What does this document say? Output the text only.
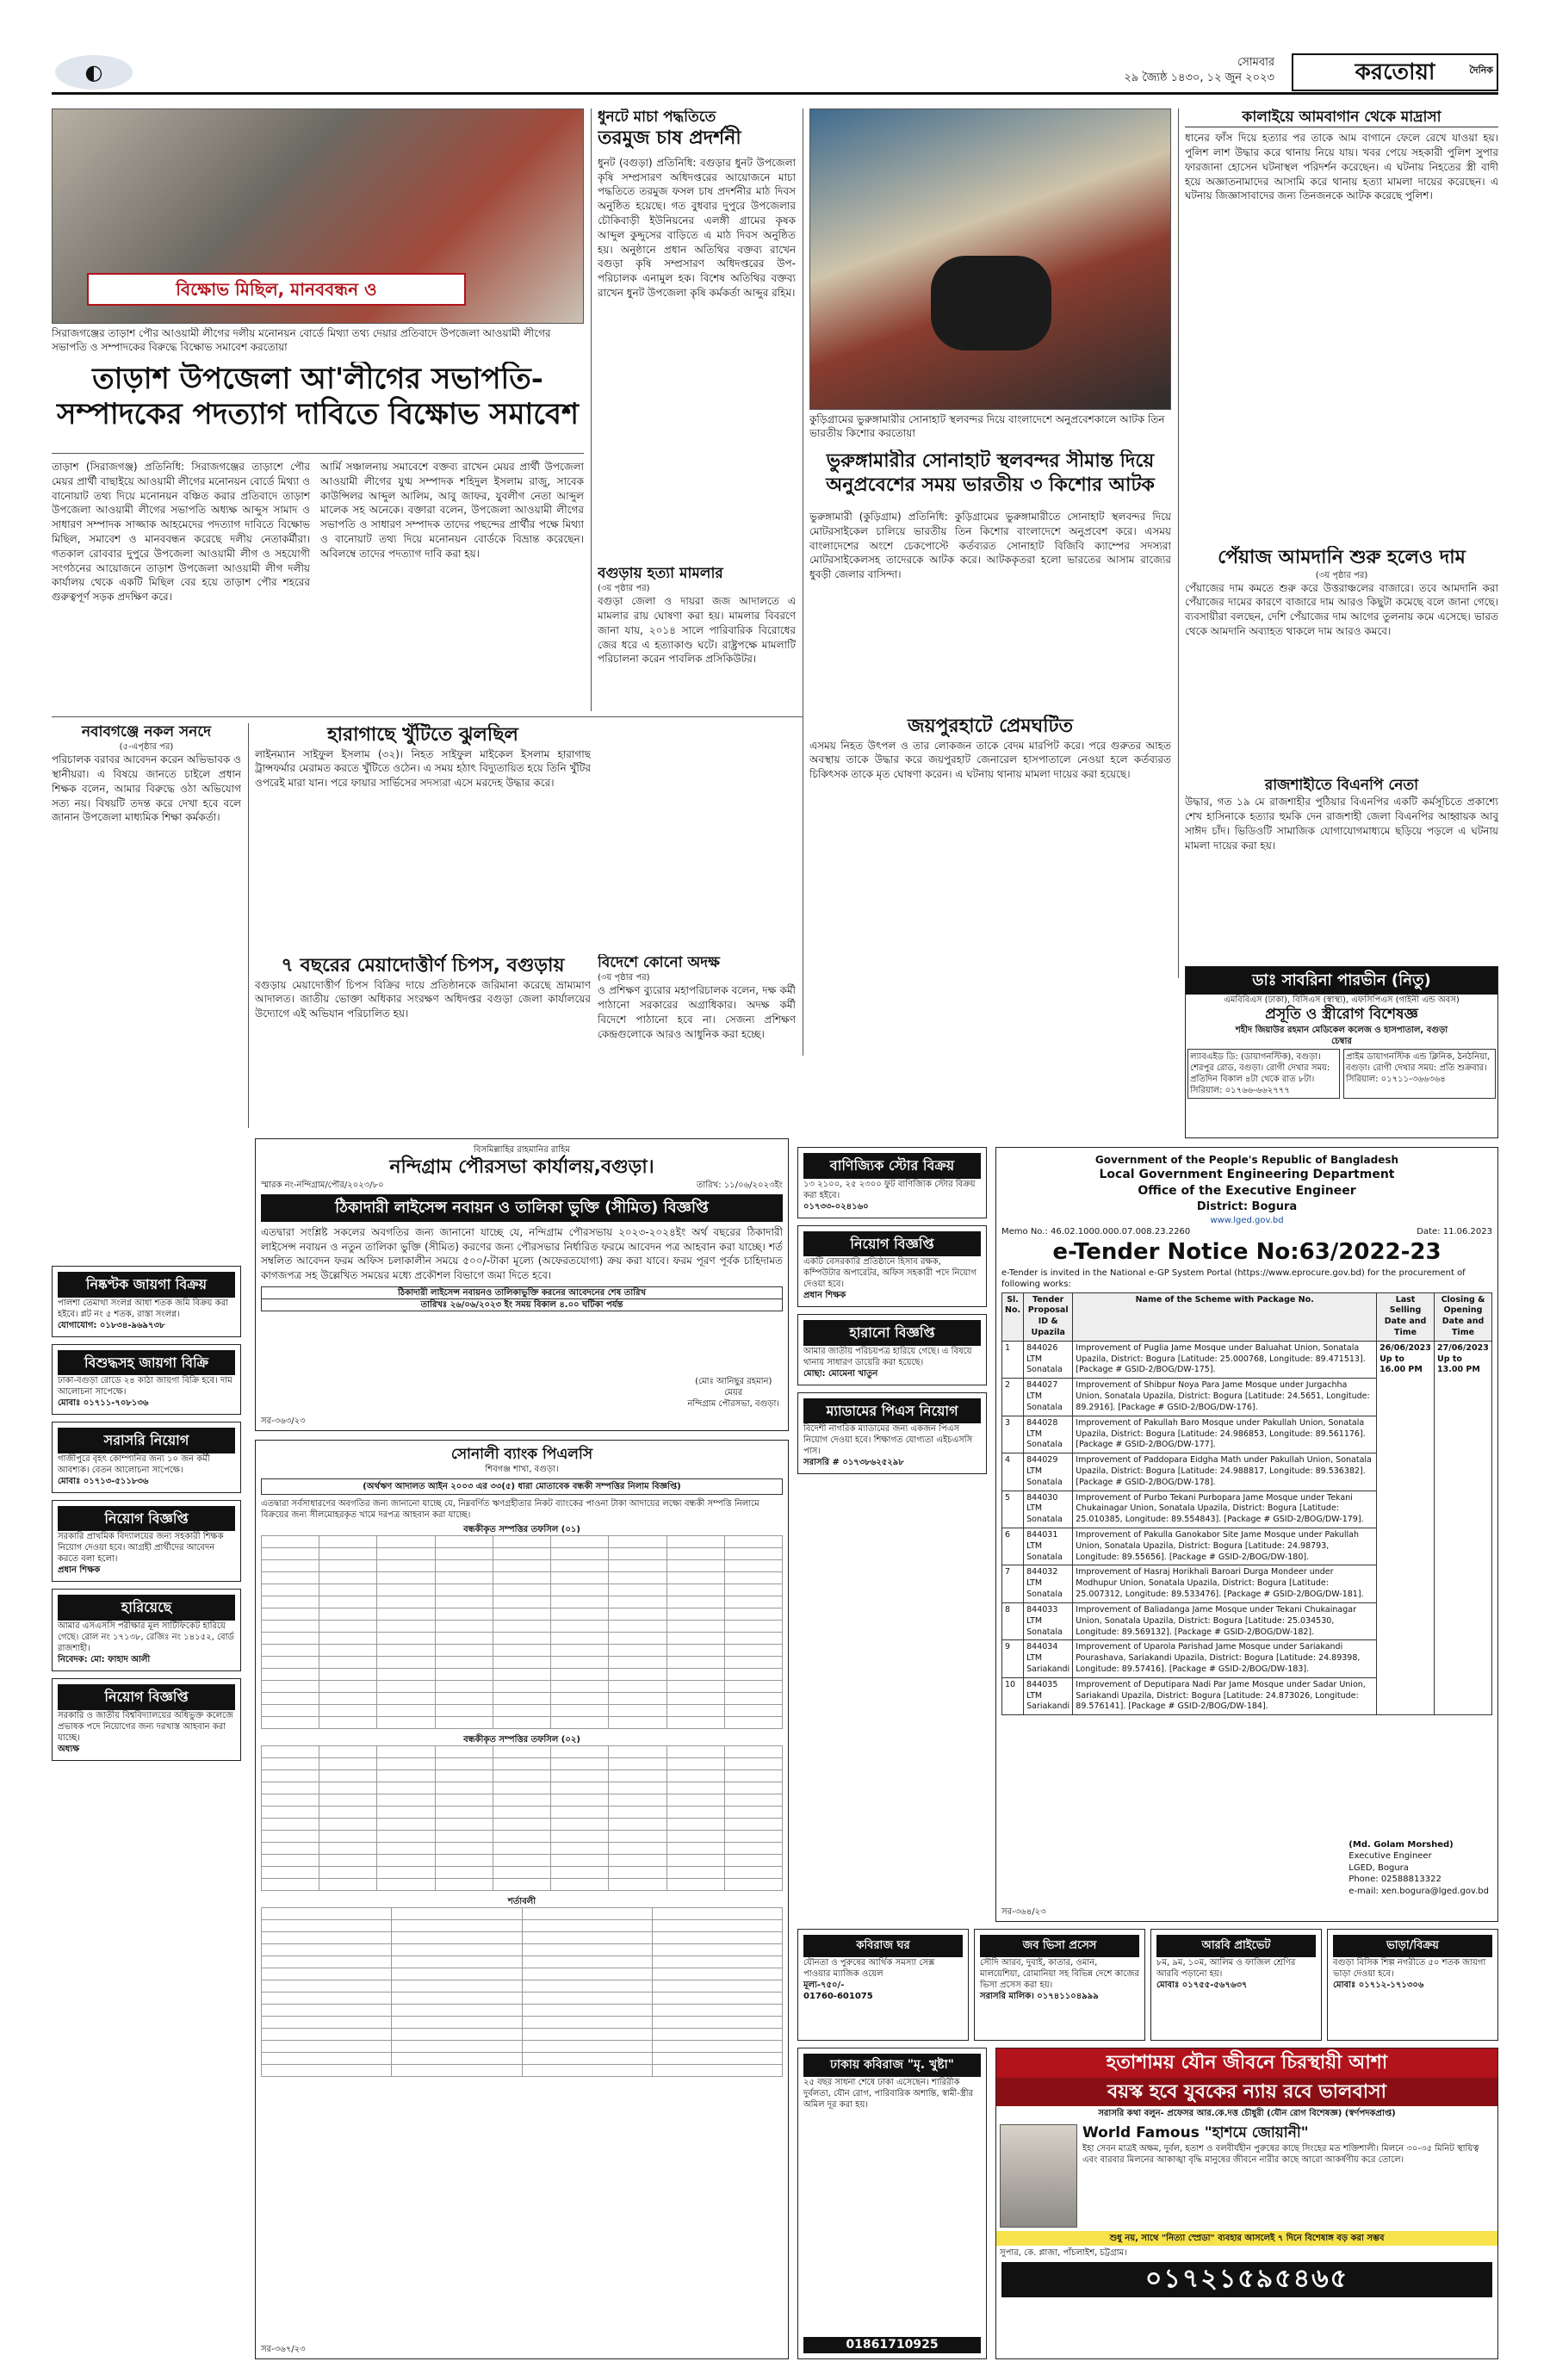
◐	সোমবার
২৯ জ্যৈষ্ঠ ১৪৩০, ১২ জুন ২০২৩
দৈনিক
করতোয়া
বিক্ষোভ মিছিল, মানববন্ধন ও
সিরাজগঞ্জের তাড়াশ পৌর আওয়ামী লীগের দলীয় মনোনয়ন বোর্ডে মিথ্যা তথ্য দেয়ার প্রতিবাদে উপজেলা আওয়ামী লীগের সভাপতি ও সম্পাদকের বিরুদ্ধে বিক্ষোভ সমাবেশ করতোয়া
তাড়াশ উপজেলা আ'লীগের সভাপতি-সম্পাদকের পদত্যাগ দাবিতে বিক্ষোভ সমাবেশ
তাড়াশ (সিরাজগঞ্জ) প্রতিনিধি: সিরাজগঞ্জের তাড়াশে পৌর মেয়র প্রার্থী বাছাইয়ে আওয়ামী লীগের মনোনয়ন বোর্ডে মিথ্যা ও বানোয়াট তথ্য দিয়ে মনোনয়ন বঞ্চিত করার প্রতিবাদে তাড়াশ উপজেলা আওয়ামী লীগের সভাপতি অধ্যক্ষ আব্দুস সামাদ ও সাধারণ সম্পাদক সাজ্জাক আহমেদের পদত্যাগ দাবিতে বিক্ষোভ মিছিল, সমাবেশ ও মানববন্ধন করেছে দলীয় নেতাকর্মীরা। গতকাল রোববার দুপুরে উপজেলা আওয়ামী লীগ ও সহযোগী সংগঠনের আয়োজনে তাড়াশ উপজেলা আওয়ামী লীগ দলীয় কার্যালয় থেকে একটি মিছিল বের হয়ে তাড়াশ পৌর শহরের গুরুত্বপূর্ণ সড়ক প্রদক্ষিণ করে।
আর্মি সঞ্চালনায় সমাবেশে বক্তব্য রাখেন মেয়র প্রার্থী উপজেলা আওয়ামী লীগের যুগ্ম সম্পাদক শহিদুল ইসলাম রাজু, সাবেক কাউন্সিলর আব্দুল আলিম, আবু জাফর, যুবলীগ নেতা আব্দুল মালেক সহ অনেকে। বক্তারা বলেন, উপজেলা আওয়ামী লীগের সভাপতি ও সাধারণ সম্পাদক তাদের পছন্দের প্রার্থীর পক্ষে মিথ্যা ও বানোয়াট তথ্য দিয়ে মনোনয়ন বোর্ডকে বিভ্রান্ত করেছেন। অবিলম্বে তাদের পদত্যাগ দাবি করা হয়।
ধুনটে মাচা পদ্ধতিতে
তরমুজ চাষ প্রদর্শনী
ধুনট (বগুড়া) প্রতিনিধি: বগুড়ার ধুনট উপজেলা কৃষি সম্প্রসারণ অধিদপ্তরের আয়োজনে মাচা পদ্ধতিতে তরমুজ ফসল চাষ প্রদর্শনীর মাঠ দিবস অনুষ্ঠিত হয়েছে। গত বুধবার দুপুরে উপজেলার চৌকিবাড়ী ইউনিয়নের এলঙ্গী গ্রামের কৃষক আব্দুল কুদ্দুসের বাড়িতে এ মাঠ দিবস অনুষ্ঠিত হয়। অনুষ্ঠানে প্রধান অতিথির বক্তব্য রাখেন বগুড়া কৃষি সম্প্রসারণ অধিদপ্তরের উপ-পরিচালক এনামুল হক। বিশেষ অতিথির বক্তব্য রাখেন ধুনট উপজেলা কৃষি কর্মকর্তা আব্দুর রহিম।
বগুড়ায় হত্যা মামলার
(৩য় পৃষ্ঠার পর)
বগুড়া জেলা ও দায়রা জজ আদালতে এ মামলার রায় ঘোষণা করা হয়। মামলার বিবরণে জানা যায়, ২০১৪ সালে পারিবারিক বিরোধের জের ধরে এ হত্যাকাণ্ড ঘটে। রাষ্ট্রপক্ষে মামলাটি পরিচালনা করেন পাবলিক প্রসিকিউটর।
কুড়িগ্রামের ভুরুঙ্গামারীর সোনাহাট স্থলবন্দর দিয়ে বাংলাদেশে অনুপ্রবেশকালে আটক তিন ভারতীয় কিশোর করতোয়া
ভুরুঙ্গামারীর সোনাহাট স্থলবন্দর সীমান্ত দিয়ে অনুপ্রবেশের সময় ভারতীয় ৩ কিশোর আটক
ভুরুঙ্গামারী (কুড়িগ্রাম) প্রতিনিধি: কুড়িগ্রামের ভুরুঙ্গামারীতে সোনাহাট স্থলবন্দর দিয়ে মোটরসাইকেল চালিয়ে ভারতীয় তিন কিশোর বাংলাদেশে অনুপ্রবেশ করে। এসময় বাংলাদেশের অংশে চেকপোস্টে কর্তব্যরত সোনাহাট বিজিবি ক্যাম্পের সদস্যরা মোটরসাইকেলসহ তাদেরকে আটক করে। আটককৃতরা হলো ভারতের আসাম রাজ্যের ধুবড়ী জেলার বাসিন্দা।
কালাইয়ে আমবাগান থেকে মাদ্রাসা
ধানের ফাঁস দিয়ে হত্যার পর তাকে আম বাগানে ফেলে রেখে যাওয়া হয়। পুলিশ লাশ উদ্ধার করে থানায় নিয়ে যায়। খবর পেয়ে সহকারী পুলিশ সুপার ফারজানা হোসেন ঘটনাস্থল পরিদর্শন করেছেন। এ ঘটনায় নিহতের স্ত্রী বাদী হয়ে অজ্ঞাতনামাদের আসামি করে থানায় হত্যা মামলা দায়ের করেছেন। এ ঘটনায় জিজ্ঞাসাবাদের জন্য তিনজনকে আটক করেছে পুলিশ।
পেঁয়াজ আমদানি শুরু হলেও দাম
(৩য় পৃষ্ঠার পর)
পেঁয়াজের দাম কমতে শুরু করে উত্তরাঞ্চলের বাজারে। তবে আমদানি করা পেঁয়াজের দামের কারণে বাজারে দাম আরও কিছুটা কমেছে বলে জানা গেছে। ব্যবসায়ীরা বলছেন, দেশি পেঁয়াজের দাম আগের তুলনায় কমে এসেছে। ভারত থেকে আমদানি অব্যাহত থাকলে দাম আরও কমবে।
রাজশাহীতে বিএনপি নেতা
উদ্ধার, গত ১৯ মে রাজশাহীর পুঠিয়ার বিএনপির একটি কর্মসূচিতে প্রকাশ্যে শেখ হাসিনাকে হত্যার হুমকি দেন রাজশাহী জেলা বিএনপির আহ্বায়ক আবু সাঈদ চাঁদ। ভিডিওটি সামাজিক যোগাযোগমাধ্যমে ছড়িয়ে পড়লে এ ঘটনায় মামলা দায়ের করা হয়।
নবাবগঞ্জে নকল সনদে
(৫-এপৃষ্ঠার পর)
পরিচালক বরাবর আবেদন করেন অভিভাবক ও স্থানীয়রা। এ বিষয়ে জানতে চাইলে প্রধান শিক্ষক বলেন, আমার বিরুদ্ধে ওঠা অভিযোগ সত্য নয়। বিষয়টি তদন্ত করে দেখা হবে বলে জানান উপজেলা মাধ্যমিক শিক্ষা কর্মকর্তা।
হারাগাছে খুঁটিতে ঝুলছিল
লাইনম্যান সাইফুল ইসলাম (৩২)। নিহত সাইফুল মাইকেল ইসলাম হারাগাছ ট্রান্সফর্মার মেরামত করতে খুঁটিতে ওঠেন। এ সময় হঠাৎ বিদ্যুতায়িত হয়ে তিনি খুঁটির ওপরেই মারা যান। পরে ফায়ার সার্ভিসের সদস্যরা এসে মরদেহ উদ্ধার করে।
৭ বছরের মেয়াদোত্তীর্ণ চিপস, বগুড়ায়
বগুড়ায় মেয়াদোত্তীর্ণ চিপস বিক্রির দায়ে প্রতিষ্ঠানকে জরিমানা করেছে ভ্রাম্যমাণ আদালত। জাতীয় ভোক্তা অধিকার সংরক্ষণ অধিদপ্তর বগুড়া জেলা কার্যালয়ের উদ্যোগে এই অভিযান পরিচালিত হয়।
বিদেশে কোনো অদক্ষ
(৩য় পৃষ্ঠার পর)
ও প্রশিক্ষণ ব্যুরোর মহাপরিচালক বলেন, দক্ষ কর্মী পাঠানো সরকারের অগ্রাধিকার। অদক্ষ কর্মী বিদেশে পাঠানো হবে না। সেজন্য প্রশিক্ষণ কেন্দ্রগুলোকে আরও আধুনিক করা হচ্ছে।
জয়পুরহাটে প্রেমঘটিত
এসময় নিহত উৎপল ও তার লোকজন তাকে বেদম মারপিট করে। পরে গুরুতর আহত অবস্থায় তাকে উদ্ধার করে জয়পুরহাট জেনারেল হাসপাতালে নেওয়া হলে কর্তব্যরত চিকিৎসক তাকে মৃত ঘোষণা করেন। এ ঘটনায় থানায় মামলা দায়ের করা হয়েছে।
ডাঃ সাবরিনা পারভীন (নিতু)
এমবিবিএস (ঢাকা), বিসিএস (স্বাস্থ্য), এফসিপিএস (গাইনী এন্ড অবস)
প্রসূতি ও স্ত্রীরোগ বিশেষজ্ঞ
শহীদ জিয়াউর রহমান মেডিকেল কলেজ ও হাসপাতাল, বগুড়া
চেম্বার
ল্যাবএইড ডি: (ডায়াগনস্টিক), বগুড়া। শেরপুর রোড, বগুড়া। রোগী দেখার সময়: প্রতিদিন বিকাল ৪টা থেকে রাত ৮টা। সিরিয়াল: ০১৭৬৬-৬৬২৭৭৭
প্রাইম ডায়াগনস্টিক এন্ড ক্লিনিক, ঠনঠনিয়া, বগুড়া। রোগী দেখার সময়: প্রতি শুক্রবার। সিরিয়াল: ০১৭১১-৩৬৬৩৬৪
নিষ্কণ্টক জায়গা বিক্রয়
পালশা তেমাথা সংলগ্ন আধা শতক জমি বিক্রয় করা হইবে। প্লট নং ৫ শতক, রাস্তা সংলগ্ন।
যোগাযোগ: ০১৮৩৪-৯৬৯৭৩৮
বিশুদ্ধসহ জায়গা বিক্রি
ঢাকা-বগুড়া রোডে ২৪ কাঠা জায়গা বিক্রি হবে। দাম আলোচনা সাপেক্ষে।
মোবাঃ ০১৭১১-৭০৮১৩৬
সরাসরি নিয়োগ
গাজীপুরে বৃহৎ কোম্পানির জন্য ১০ জন কর্মী আবশ্যক। বেতন আলোচনা সাপেক্ষে।
মোবাঃ ০১৭১৩-৫১১৮৩৬
নিয়োগ বিজ্ঞপ্তি
সরকারি প্রাথমিক বিদ্যালয়ের জন্য সহকারী শিক্ষক নিয়োগ দেওয়া হবে। আগ্রহী প্রার্থীদের আবেদন করতে বলা হলো।
প্রধান শিক্ষক
হারিয়েছে
আমার এসএসসি পরীক্ষার মূল সার্টিফিকেট হারিয়ে গেছে। রোল নং ১৭১৩৮, রেজিঃ নং ১৪১৫২, বোর্ড রাজশাহী।
নিবেদক: মো: ফাহাদ আলী
নিয়োগ বিজ্ঞপ্তি
সরকারি ও জাতীয় বিশ্ববিদ্যালয়ের অধিভুক্ত কলেজে প্রভাষক পদে নিয়োগের জন্য দরখাস্ত আহবান করা যাচ্ছে।
অধ্যক্ষ
বিসমিল্লাহির রাহমানির রাহিম
নন্দিগ্রাম পৌরসভা কার্যালয়,বগুড়া।
স্মারক নং-নন্দিগ্রাম/পৌর/২০২৩/৮০	তারিখ: ১১/০৬/২০২৩ইং
ঠিকাদারী লাইসেন্স নবায়ন ও তালিকা ভুক্তি (সীমিত) বিজ্ঞপ্তি
এতদ্বারা সংশ্লিষ্ট সকলের অবগতির জন্য জানানো যাচ্ছে যে, নন্দিগ্রাম পৌরসভায় ২০২৩-২০২৪ইং অর্থ বছরের ঠিকাদারী লাইসেন্স নবায়ন ও নতুন তালিকা ভুক্তি (সীমিত) করণের জন্য পৌরসভার নির্ধারিত ফরমে আবেদন পত্র আহবান করা যাচ্ছে। শর্ত সম্বলিত আবেদন ফরম অফিস চলাকালীন সময়ে ৫০০/-টাকা মূল্যে (অফেরতযোগ্য) ক্রয় করা যাবে। ফরম পূরণ পূর্বক চাহিদামত কাগজপত্র সহ উল্লেখিত সময়ের মধ্যে প্রকৌশল বিভাগে জমা দিতে হবে।
ঠিকাদারী লাইসেন্স নবায়নও তালিকাভুক্তি করনের আবেদনের শেষ তারিখ
তারিখঃ ২৬/০৬/২০২৩ ইং সময় বিকাল ৪.০০ ঘটিকা পর্যন্ত
(মোঃ আনিছুর রহমান)
মেয়র
নন্দিগ্রাম পৌরসভা, বগুড়া।
সর-৩৬৩/২৩
সোনালী ব্যাংক পিএলসি
শিবগঞ্জ শাখা, বগুড়া।
(অর্থঋণ আদালত আইন ২০০৩ এর ৩৩(৫) ধারা মোতাবেক বন্ধকী সম্পত্তির নিলাম বিজ্ঞপ্তি)
এতদ্বারা সর্বসাধারণের অবগতির জন্য জানানো যাচ্ছে যে, নিম্নবর্ণিত ঋণগ্রহীতার নিকট ব্যাংকের পাওনা টাকা আদায়ের লক্ষ্যে বন্ধকী সম্পত্তি নিলামে বিক্রয়ের জন্য সীলমোহরকৃত খামে দরপত্র আহবান করা যাচ্ছে।
বন্ধকীকৃত সম্পত্তির তফসিল (০১)

বন্ধকীকৃত সম্পত্তির তফসিল (০২)

শর্তাবলী

সর-৩৬৭/২৩
বাণিজ্যিক স্টোর বিক্রয়
১৩ ২১০০, ২৫ ২৩০০ ফুট বাণিজ্যিক স্টোর বিক্রয় করা হইবে।
০১৭৩৩-০২৪১৬০
নিয়োগ বিজ্ঞপ্তি
একটি বেসরকারি প্রতিষ্ঠানে হিসাব রক্ষক, কম্পিউটার অপারেটর, অফিস সহকারী পদে নিয়োগ দেওয়া হবে।
প্রধান শিক্ষক
হারানো বিজ্ঞপ্তি
আমার জাতীয় পরিচয়পত্র হারিয়ে গেছে। এ বিষয়ে থানায় সাধারণ ডায়েরি করা হয়েছে।
মোছা: মোমেনা খাতুন
ম্যাডামের পিএস নিয়োগ
বিদেশী নাগরিক ম্যাডামের জন্য একজন পিএস নিয়োগ দেওয়া হবে। শিক্ষাগত যোগ্যতা এইচএসসি পাস।
সরাসরি # ০১৭৩৮৬২৫২৯৮
Government of the People's Republic of Bangladesh
Local Government Engineering Department
Office of the Executive Engineer
District: Bogura
www.lged.gov.bd
Memo No.: 46.02.1000.000.07.008.23.2260	Date: 11.06.2023
e-Tender Notice No:63/2022-23
e-Tender is invited in the National e-GP System Portal (https://www.eprocure.gov.bd) for the procurement of following works:
Sl. No.	Tender Proposal ID & Upazila	Name of the Scheme with Package No.	Last Selling Date and Time	Closing & Opening Date and Time
1	844026 LTM Sonatala	Improvement of Puglia Jame Mosque under Baluahat Union, Sonatala Upazila, District: Bogura [Latitude: 25.000768, Longitude: 89.471513]. [Package # GSID-2/BOG/DW-175].	26/06/2023 Up to 16.00 PM	27/06/2023 Up to 13.00 PM
2	844027 LTM Sonatala	Improvement of Shibpur Noya Para Jame Mosque under Jurgachha Union, Sonatala Upazila, District: Bogura [Latitude: 24.5651, Longitude: 89.2916]. [Package # GSID-2/BOG/DW-176].		
3	844028 LTM Sonatala	Improvement of Pakullah Baro Mosque under Pakullah Union, Sonatala Upazila, District: Bogura [Latitude: 24.986853, Longitude: 89.561176]. [Package # GSID-2/BOG/DW-177].		
4	844029 LTM Sonatala	Improvement of Paddopara Eidgha Math under Pakullah Union, Sonatala Upazila, District: Bogura [Latitude: 24.988817, Longitude: 89.536382]. [Package # GSID-2/BOG/DW-178].		
5	844030 LTM Sonatala	Improvement of Purbo Tekani Purbopara Jame Mosque under Tekani Chukainagar Union, Sonatala Upazila, District: Bogura [Latitude: 25.010385, Longitude: 89.554843]. [Package # GSID-2/BOG/DW-179].		
6	844031 LTM Sonatala	Improvement of Pakulla Ganokabor Site Jame Mosque under Pakullah Union, Sonatala Upazila, District: Bogura [Latitude: 24.98793, Longitude: 89.55656]. [Package # GSID-2/BOG/DW-180].		
7	844032 LTM Sonatala	Improvement of Hasraj Horikhali Baroari Durga Mondeer under Modhupur Union, Sonatala Upazila, District: Bogura [Latitude: 25.007312, Longitude: 89.533476]. [Package # GSID-2/BOG/DW-181].		
8	844033 LTM Sonatala	Improvement of Baliadanga Jame Mosque under Tekani Chukainagar Union, Sonatala Upazila, District: Bogura [Latitude: 25.034530, Longitude: 89.569132]. [Package # GSID-2/BOG/DW-182].		
9	844034 LTM Sariakandi	Improvement of Uparola Parishad Jame Mosque under Sariakandi Pourashava, Sariakandi Upazila, District: Bogura [Latitude: 24.89398, Longitude: 89.57416]. [Package # GSID-2/BOG/DW-183].		
10	844035 LTM Sariakandi	Improvement of Deputipara Nadi Par Jame Mosque under Sadar Union, Sariakandi Upazila, District: Bogura [Latitude: 24.873026, Longitude: 89.576141]. [Package # GSID-2/BOG/DW-184].		
(Md. Golam Morshed)
Executive Engineer
LGED, Bogura
Phone: 02588813322
e-mail: xen.bogura@lged.gov.bd
সর-৩৬৪/২৩
কবিরাজ ঘর
যৌনতা ও পুরুষের আর্থিক সমস্যা সেক্স পাওয়ার ম্যাজিক ওয়েল
মূল্য-৭৫০/-
01760-601075
জব ভিসা প্রসেস
সৌদি আরব, দুবাই, কাতার, ওমান, মালয়েশিয়া, রোমানিয়া সহ বিভিন্ন দেশে কাজের ভিসা প্রসেস করা হয়।
সরাসরি মালিক। ০১৭৪১১০৪৯৯৯
আরবি প্রাইভেট
৮ম, ৯ম, ১০ম, আলিম ও ফাজিল শ্রেণির আরবি পড়ানো হয়।
মোবাঃ ০১৭৫৫-৫৬৭৬৩৭
ভাড়া/বিক্রয়
বগুড়া বিসিক শিল্প নগরীতে ৫০ শতক জায়গা ভাড়া দেওয়া হবে।
মোবাঃ ০১৭১২-১৭১৩০৬
হতাশাময় যৌন জীবনে চিরস্থায়ী আশা
বয়স্ক হবে যুবকের ন্যায় রবে ভালবাসা
সরাসরি কথা বলুন- প্রফেসর আর.কে.দত্ত চৌধুরী (যৌন রোগ বিশেষজ্ঞ) (স্বর্ণপদকপ্রাপ্ত)
World Famous "হাশমে জোয়ানী"
ইহা সেবন মাত্রই অক্ষম, দুর্বল, হতাশ ও বলবীর্যহীন পুরুষের কাছে সিংহের মত শক্তিশালী। মিলনে ৩০-৩৫ মিনিট স্থায়িত্ব এবং বারবার মিলনের আকাঙ্খা বৃদ্ধি মানুষের জীবনে নারীর কাছে আরো আকর্ষণীয় করে তোলে।
শুধু নয়, সাথে "নিত্যা স্প্রেডা" ব্যবহার আসলেই ৭ দিনে বিশেষাঙ্গ বড় করা সম্ভব
সুপার, কে. প্লাজা, পাঁচলাইশ, চট্টগ্রাম।
০১৭২১৫৯৫৪৬৫
ঢাকায় কবিরাজ "মৃ. খুষ্টা"
২৫ বছর সাধনা শেষে ঢাকা এসেছেন। শারিরীক দুর্বলতা, যৌন রোগ, পারিবারিক অশান্তি, স্বামী-স্ত্রীর অমিল দূর করা হয়।
01861710925
